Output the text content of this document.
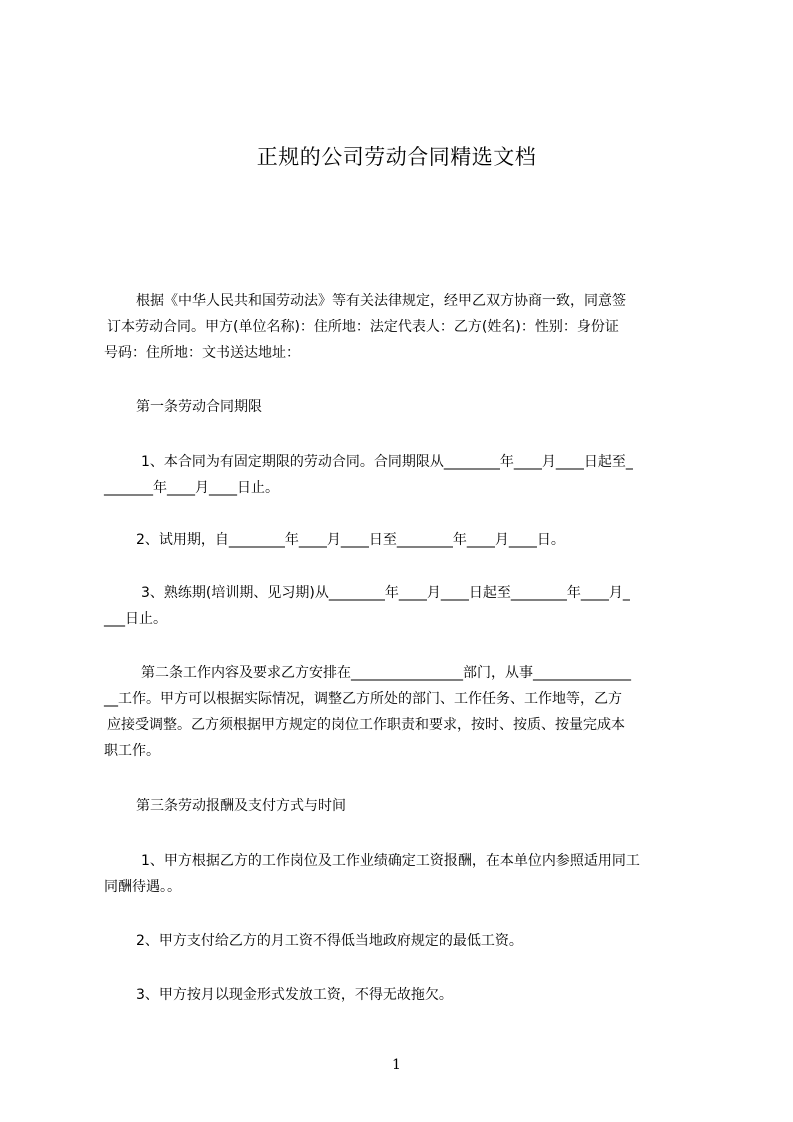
正规的公司劳动合同精选文档
根据《中华人民共和国劳动法》等有关法律规定，经甲乙双方协商一致，同意签
订本劳动合同。甲方(单位名称)：住所地：法定代表人：乙方(姓名)：性别：身份证
号码：住所地：文书送达地址：
第一条劳动合同期限
1、本合同为有固定期限的劳动合同。合同期限从________年____月____日起至_
_______年____月____日止。
2、试用期，自________年____月____日至________年____月____日。
3、熟练期(培训期、见习期)从________年____月____日起至________年____月_
___日止。
第二条工作内容及要求乙方安排在________________部门，从事______________
__工作。甲方可以根据实际情况，调整乙方所处的部门、工作任务、工作地等，乙方
应接受调整。乙方须根据甲方规定的岗位工作职责和要求，按时、按质、按量完成本
职工作。
第三条劳动报酬及支付方式与时间
1、甲方根据乙方的工作岗位及工作业绩确定工资报酬，在本单位内参照适用同工
同酬待遇。。
2、甲方支付给乙方的月工资不得低当地政府规定的最低工资。
3、甲方按月以现金形式发放工资，不得无故拖欠。
1
